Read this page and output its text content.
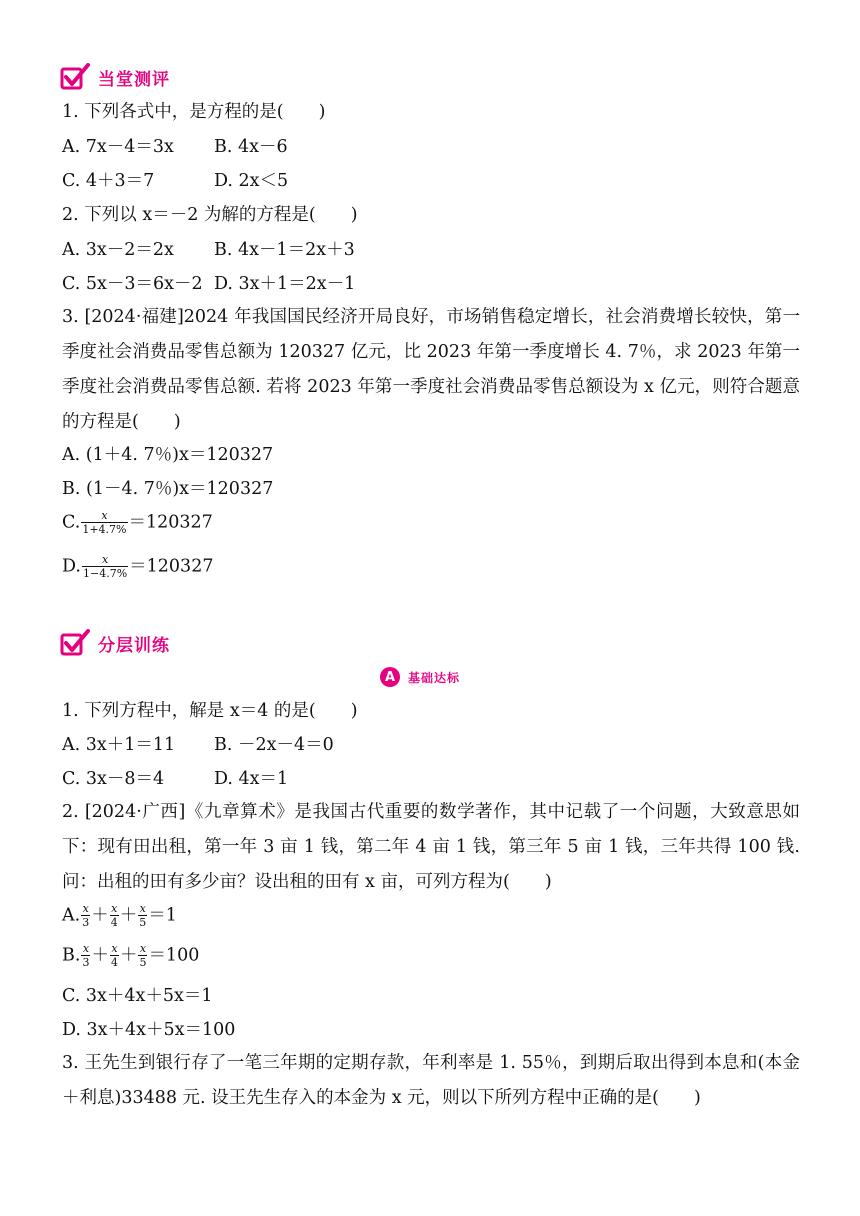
当堂测评
1. 下列各式中，是方程的是(　　)
A. 7x－4＝3x B. 4x－6
C. 4＋3＝7	D. 2x＜5
2. 下列以 x＝－2 为解的方程是(　　)
A. 3x－2＝2x B. 4x－1＝2x＋3
C. 5x－3＝6x－2 D. 3x＋1＝2x－1
3. [2024·福建]2024 年我国国民经济开局良好，市场销售稳定增长，社会消费增长较快，第一季度社会消费品零售总额为 120327 亿元，比 2023 年第一季度增长 4. 7％，求 2023 年第一季度社会消费品零售总额. 若将 2023 年第一季度社会消费品零售总额设为 x 亿元，则符合题意的方程是(　　)
A. (1＋4. 7％)x＝120327
B. (1－4. 7％)x＝120327
C. $\frac{x}{1+4.7\%} =120327$
D. $\frac{x}{1-4.7\%} =120327$
分层训练
A	基础达标
1. 下列方程中，解是 x＝4 的是(　　)
A. 3x＋1＝11 B. －2x－4＝0
C. 3x－8＝4	D. 4x＝1
2. [2024·广西]《九章算术》是我国古代重要的数学著作，其中记载了一个问题，大致意思如下：现有田出租，第一年 3 亩 1 钱，第二年 4 亩 1 钱，第三年 5 亩 1 钱，三年共得 100 钱. 问：出租的田有多少亩？设出租的田有 x 亩，可列方程为(　　)
A. $\frac{x}{3} + \frac{x}{4} + \frac{x}{5} =1$
B. $\frac{x}{3} + \frac{x}{4} + \frac{x}{5} =100$
C. 3x＋4x＋5x＝1
D. 3x＋4x＋5x＝100
3. 王先生到银行存了一笔三年期的定期存款，年利率是 1. 55％，到期后取出得到本息和(本金＋利息)33488 元. 设王先生存入的本金为 x 元，则以下所列方程中正确的是(　　)
